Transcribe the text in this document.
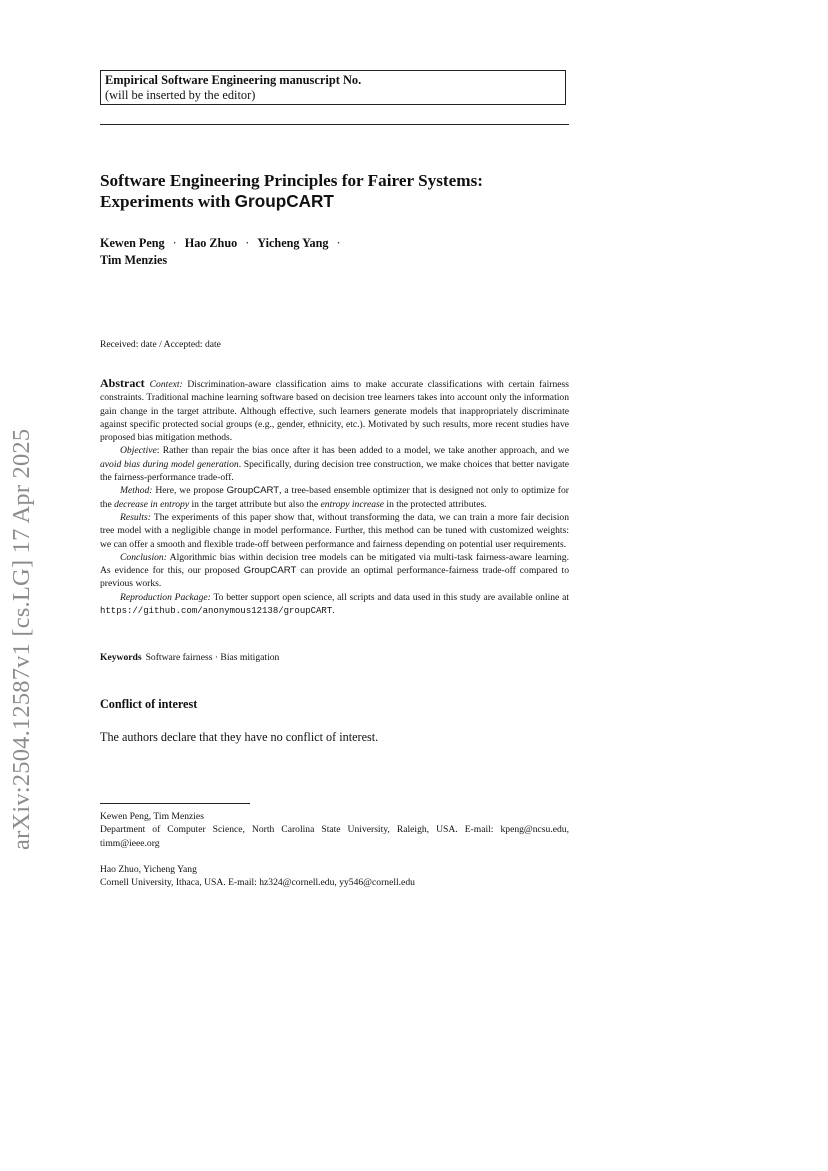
Empirical Software Engineering manuscript No.
(will be inserted by the editor)
Software Engineering Principles for Fairer Systems:
Experiments with GroupCART
Kewen Peng · Hao Zhuo · Yicheng Yang ·
Tim Menzies
Received: date / Accepted: date

Abstract Context: Discrimination-aware classification aims to make accurate classifications with certain fairness constraints. Traditional machine learning software based on decision tree learners takes into account only the information gain change in the target attribute. Although effective, such learners generate models that inappropriately discriminate against specific protected social groups (e.g., gender, ethnicity, etc.). Motivated by such results, more recent studies have proposed bias mitigation methods.

Objective: Rather than repair the bias once after it has been added to a model, we take another approach, and we avoid bias during model generation. Specifically, during decision tree construction, we make choices that better navigate the fairness-performance trade-off.

Method: Here, we propose GroupCART, a tree-based ensemble optimizer that is designed not only to optimize for the decrease in entropy in the target attribute but also the entropy increase in the protected attributes.

Results: The experiments of this paper show that, without transforming the data, we can train a more fair decision tree model with a negligible change in model performance. Further, this method can be tuned with customized weights: we can offer a smooth and flexible trade-off between performance and fairness depending on potential user requirements.

Conclusion: Algorithmic bias within decision tree models can be mitigated via multi-task fairness-aware learning. As evidence for this, our proposed GroupCART can provide an optimal performance-fairness trade-off compared to previous works.

Reproduction Package: To better support open science, all scripts and data used in this study are available online at https://github.com/anonymous12138/groupCART.

Keywords Software fairness · Bias mitigation
Conflict of interest
The authors declare that they have no conflict of interest.
Kewen Peng, Tim Menzies
Department of Computer Science, North Carolina State University, Raleigh, USA. E-mail: kpeng@ncsu.edu, timm@ieee.org
Hao Zhuo, Yicheng Yang
Cornell University, Ithaca, USA. E-mail: hz324@cornell.edu, yy546@cornell.edu
arXiv:2504.12587v1 [cs.LG] 17 Apr 2025
